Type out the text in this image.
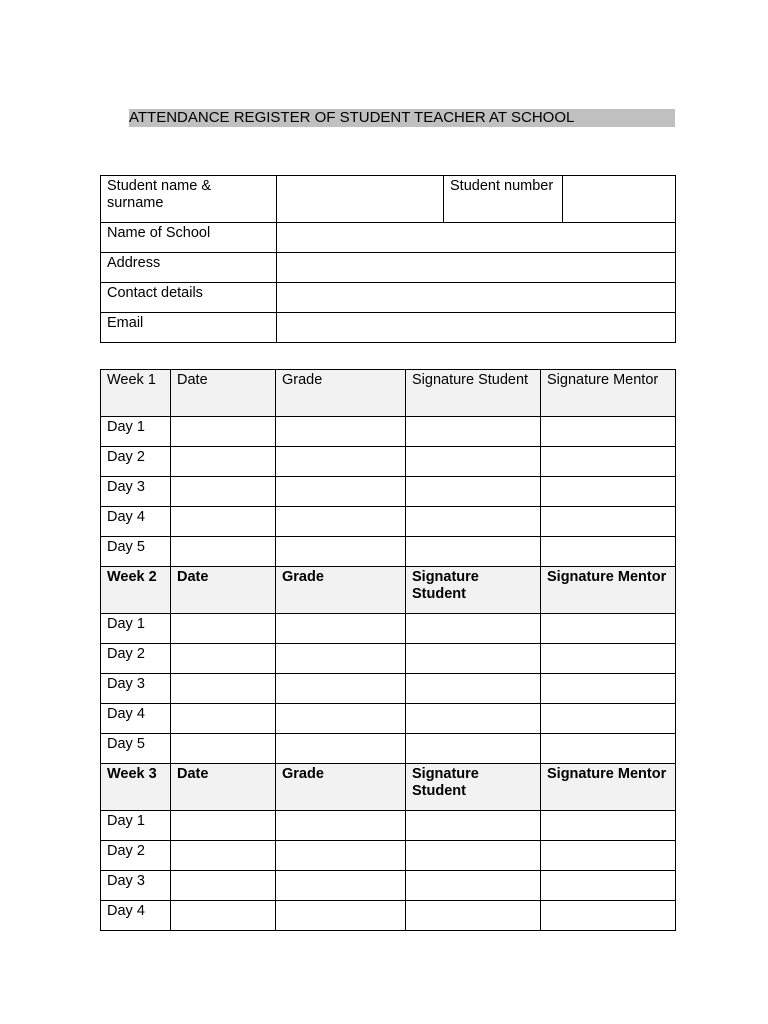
ATTENDANCE REGISTER OF STUDENT TEACHER AT SCHOOL
Student name & surname		Student number	
Name of School			
Address			
Contact details			
Email			
Week 1	Date	Grade	Signature Student	Signature Mentor
Day 1				
Day 2				
Day 3				
Day 4				
Day 5				
Week 2	Date	Grade	Signature Student	Signature Mentor
Day 1				
Day 2				
Day 3				
Day 4				
Day 5				
Week 3	Date	Grade	Signature Student	Signature Mentor
Day 1				
Day 2				
Day 3				
Day 4				
